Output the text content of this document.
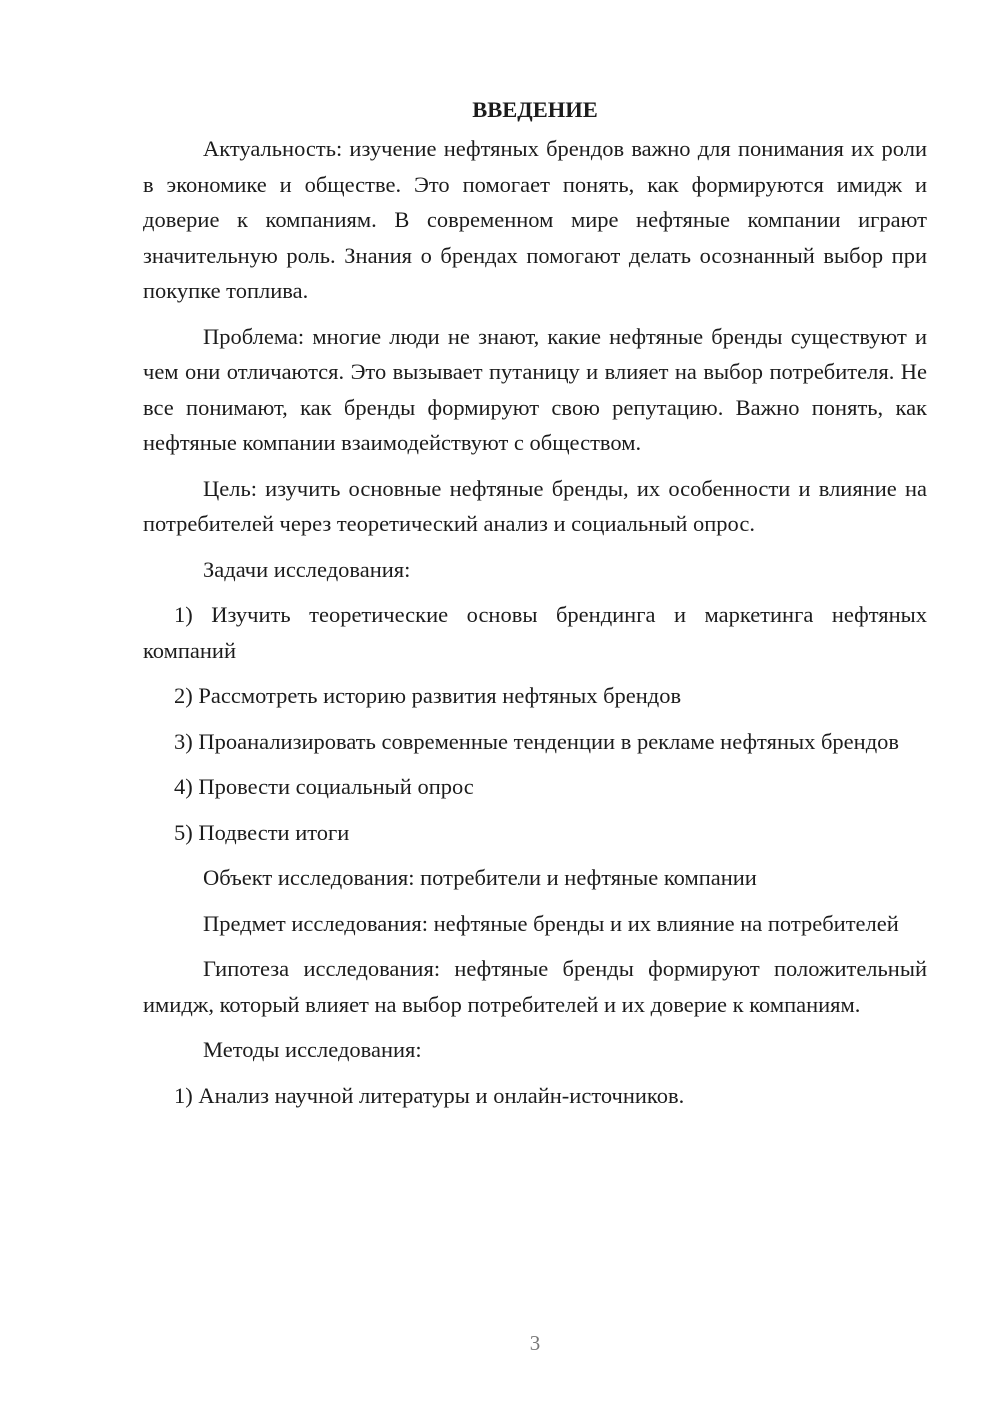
ВВЕДЕНИЕ

Актуальность: изучение нефтяных брендов важно для понимания их роли в экономике и обществе. Это помогает понять, как формируются имидж и доверие к компаниям. В современном мире нефтяные компании играют значительную роль. Знания о брендах помогают делать осознанный выбор при покупке топлива.

Проблема: многие люди не знают, какие нефтяные бренды существуют и чем они отличаются. Это вызывает путаницу и влияет на выбор потребителя. Не все понимают, как бренды формируют свою репутацию. Важно понять, как нефтяные компании взаимодействуют с обществом.

Цель: изучить основные нефтяные бренды, их особенности и влияние на потребителей через теоретический анализ и социальный опрос.

Задачи исследования:

1) Изучить теоретические основы брендинга и маркетинга нефтяных компаний

2) Рассмотреть историю развития нефтяных брендов

3) Проанализировать современные тенденции в рекламе нефтяных брендов

4) Провести социальный опрос

5) Подвести итоги

Объект исследования: потребители и нефтяные компании

Предмет исследования: нефтяные бренды и их влияние на потребителей

Гипотеза исследования: нефтяные бренды формируют положительный имидж, который влияет на выбор потребителей и их доверие к компаниям.

Методы исследования:

1) Анализ научной литературы и онлайн-источников.

3
